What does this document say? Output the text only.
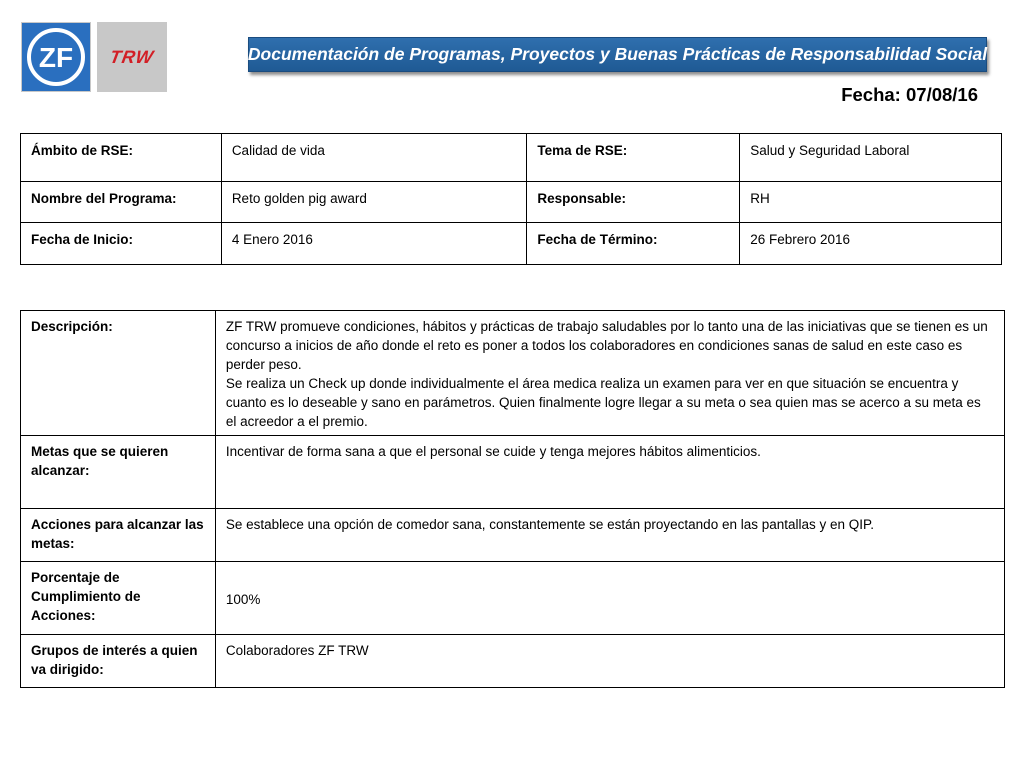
ZF TRW	Documentación de Programas, Proyectos y Buenas Prácticas de Responsabilidad Social
Fecha: 07/08/16
Ámbito de RSE:	Calidad de vida	Tema de RSE:	Salud y Seguridad Laboral
Nombre del Programa:	Reto golden pig award	Responsable:	RH
Fecha de Inicio:	4 Enero 2016	Fecha de Término:	26 Febrero 2016
Descripción:	ZF TRW promueve condiciones, hábitos y prácticas de trabajo saludables por lo tanto una de las iniciativas que se tienen es un concurso a inicios de año donde el reto es poner a todos los colaboradores en condiciones sanas de salud en este caso es perder peso.
Se realiza un Check up donde individualmente el área medica realiza un examen para ver en que situación se encuentra y cuanto es lo deseable y sano en parámetros. Quien finalmente logre llegar a su meta o sea quien mas se acerco a su meta es el acreedor a el premio.

Metas que se quieren alcanzar:	Incentivar de forma sana a que el personal se cuide y tenga mejores hábitos alimenticios.
Acciones para alcanzar las metas:	Se establece una opción de comedor sana, constantemente se están proyectando en las pantallas y en QIP.
Porcentaje de Cumplimiento de Acciones:	100%
Grupos de interés a quien va dirigido:	Colaboradores ZF TRW
